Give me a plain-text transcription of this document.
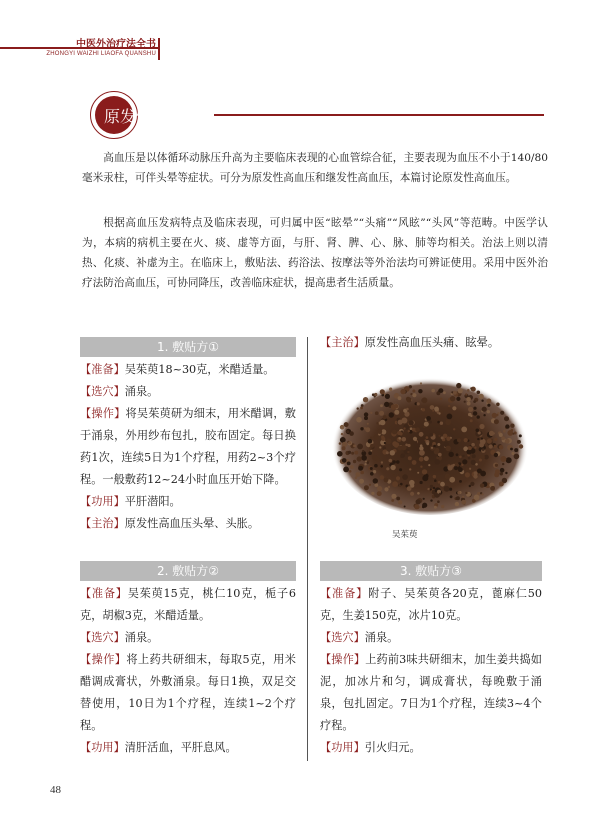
中医外治疗法全书
ZHONGYI WAIZHI LIAOFA QUANSHU
原发性高血压

高血压是以体循环动脉压升高为主要临床表现的心血管综合征，主要表现为血压不小于140/80毫米汞柱，可伴头晕等症状。可分为原发性高血压和继发性高血压，本篇讨论原发性高血压。

根据高血压发病特点及临床表现，可归属中医“眩晕”“头痛”“风眩”“头风”等范畴。中医学认为，本病的病机主要在火、痰、虚等方面，与肝、肾、脾、心、脉、肺等均相关。治法上则以清热、化痰、补虚为主。在临床上，敷贴法、药浴法、按摩法等外治法均可辨证使用。采用中医外治疗法防治高血压，可协同降压，改善临床症状，提高患者生活质量。

1. 敷贴方①
【准备】吴茱萸18~30克，米醋适量。
【选穴】涌泉。
【操作】将吴茱萸研为细末，用米醋调，敷于涌泉，外用纱布包扎，胶布固定。每日换药1次，连续5日为1个疗程，用药2~3个疗程。一般敷药12~24小时血压开始下降。
【功用】平肝潜阳。
【主治】原发性高血压头晕、头胀。
2. 敷贴方②
【准备】吴茱萸15克，桃仁10克，栀子6克，胡椒3克，米醋适量。
【选穴】涌泉。
【操作】将上药共研细末，每取5克，用米醋调成膏状，外敷涌泉。每日1换，双足交替使用，10日为1个疗程，连续1~2个疗程。
【功用】清肝活血，平肝息风。
【主治】原发性高血压头痛、眩晕。
吴茱萸
3. 敷贴方③
【准备】附子、吴茱萸各20克，蓖麻仁50克，生姜150克，冰片10克。
【选穴】涌泉。
【操作】上药前3味共研细末，加生姜共捣如泥，加冰片和匀，调成膏状，每晚敷于涌泉，包扎固定。7日为1个疗程，连续3~4个疗程。
【功用】引火归元。
48
